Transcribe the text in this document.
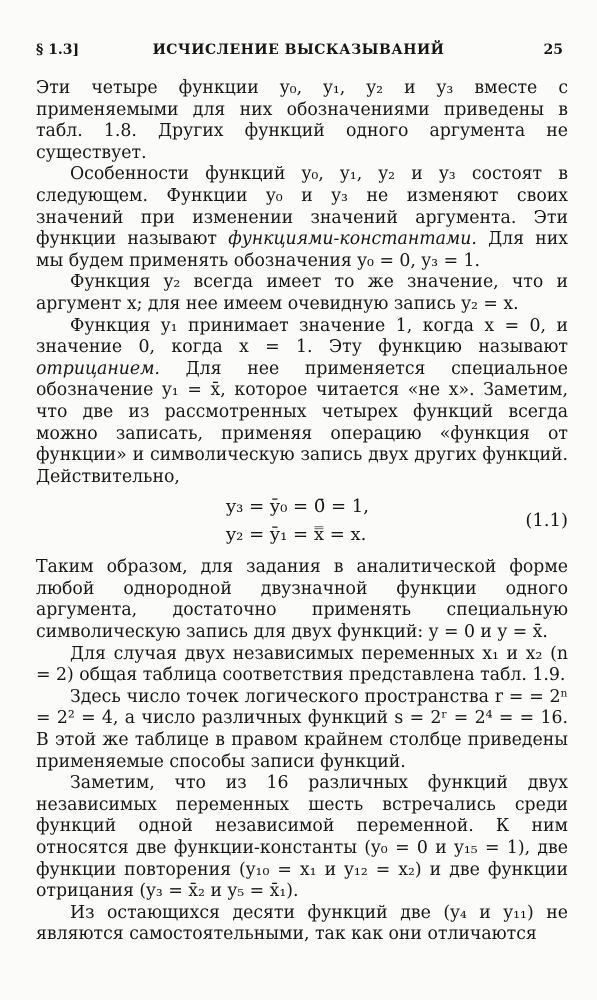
§ 1.3]	ИСЧИСЛЕНИЕ ВЫСКАЗЫВАНИЙ	25

Эти четыре функции y₀, y₁, y₂ и y₃ вместе с применяемыми для них обозначениями приведены в табл. 1.8. Других функций одного аргумента не существует.

Особенности функций y₀, y₁, y₂ и y₃ состоят в следующем. Функции y₀ и y₃ не изменяют своих значений при изменении значений аргумента. Эти функции называют функциями-константами. Для них мы будем применять обозначения y₀ = 0, y₃ = 1.

Функция y₂ всегда имеет то же значение, что и аргумент x; для нее имеем очевидную запись y₂ = x.

Функция y₁ принимает значение 1, когда x = 0, и значение 0, когда x = 1. Эту функцию называют отрицанием. Для нее применяется специальное обозначение y₁ = x̄, которое читается «не x». Заметим, что две из рассмотренных четырех функций всегда можно записать, применяя операцию «функция от функции» и символическую запись двух других функций. Действительно,

y₃ = ȳ₀ = 0̄ = 1,
y₂ = ȳ₁ = x̿ = x.
(1.1)

Таким образом, для задания в аналитической форме любой однородной двузначной функции одного аргумента, достаточно применять специальную символическую запись для двух функций: y = 0 и y = x̄.

Для случая двух независимых переменных x₁ и x₂ (n = 2) общая таблица соответствия представлена табл. 1.9.

Здесь число точек логического пространства r = = 2ⁿ = 2² = 4, а число различных функций s = 2ʳ = 2⁴ = = 16. В этой же таблице в правом крайнем столбце приведены применяемые способы записи функций.

Заметим, что из 16 различных функций двух независимых переменных шесть встречались среди функций одной независимой переменной. К ним относятся две функции-константы (y₀ = 0 и y₁₅ = 1), две функции повторения (y₁₀ = x₁ и y₁₂ = x₂) и две функции отрицания (y₃ = x̄₂ и y₅ = x̄₁).

Из остающихся десяти функций две (y₄ и y₁₁) не являются самостоятельными, так как они отличаются
